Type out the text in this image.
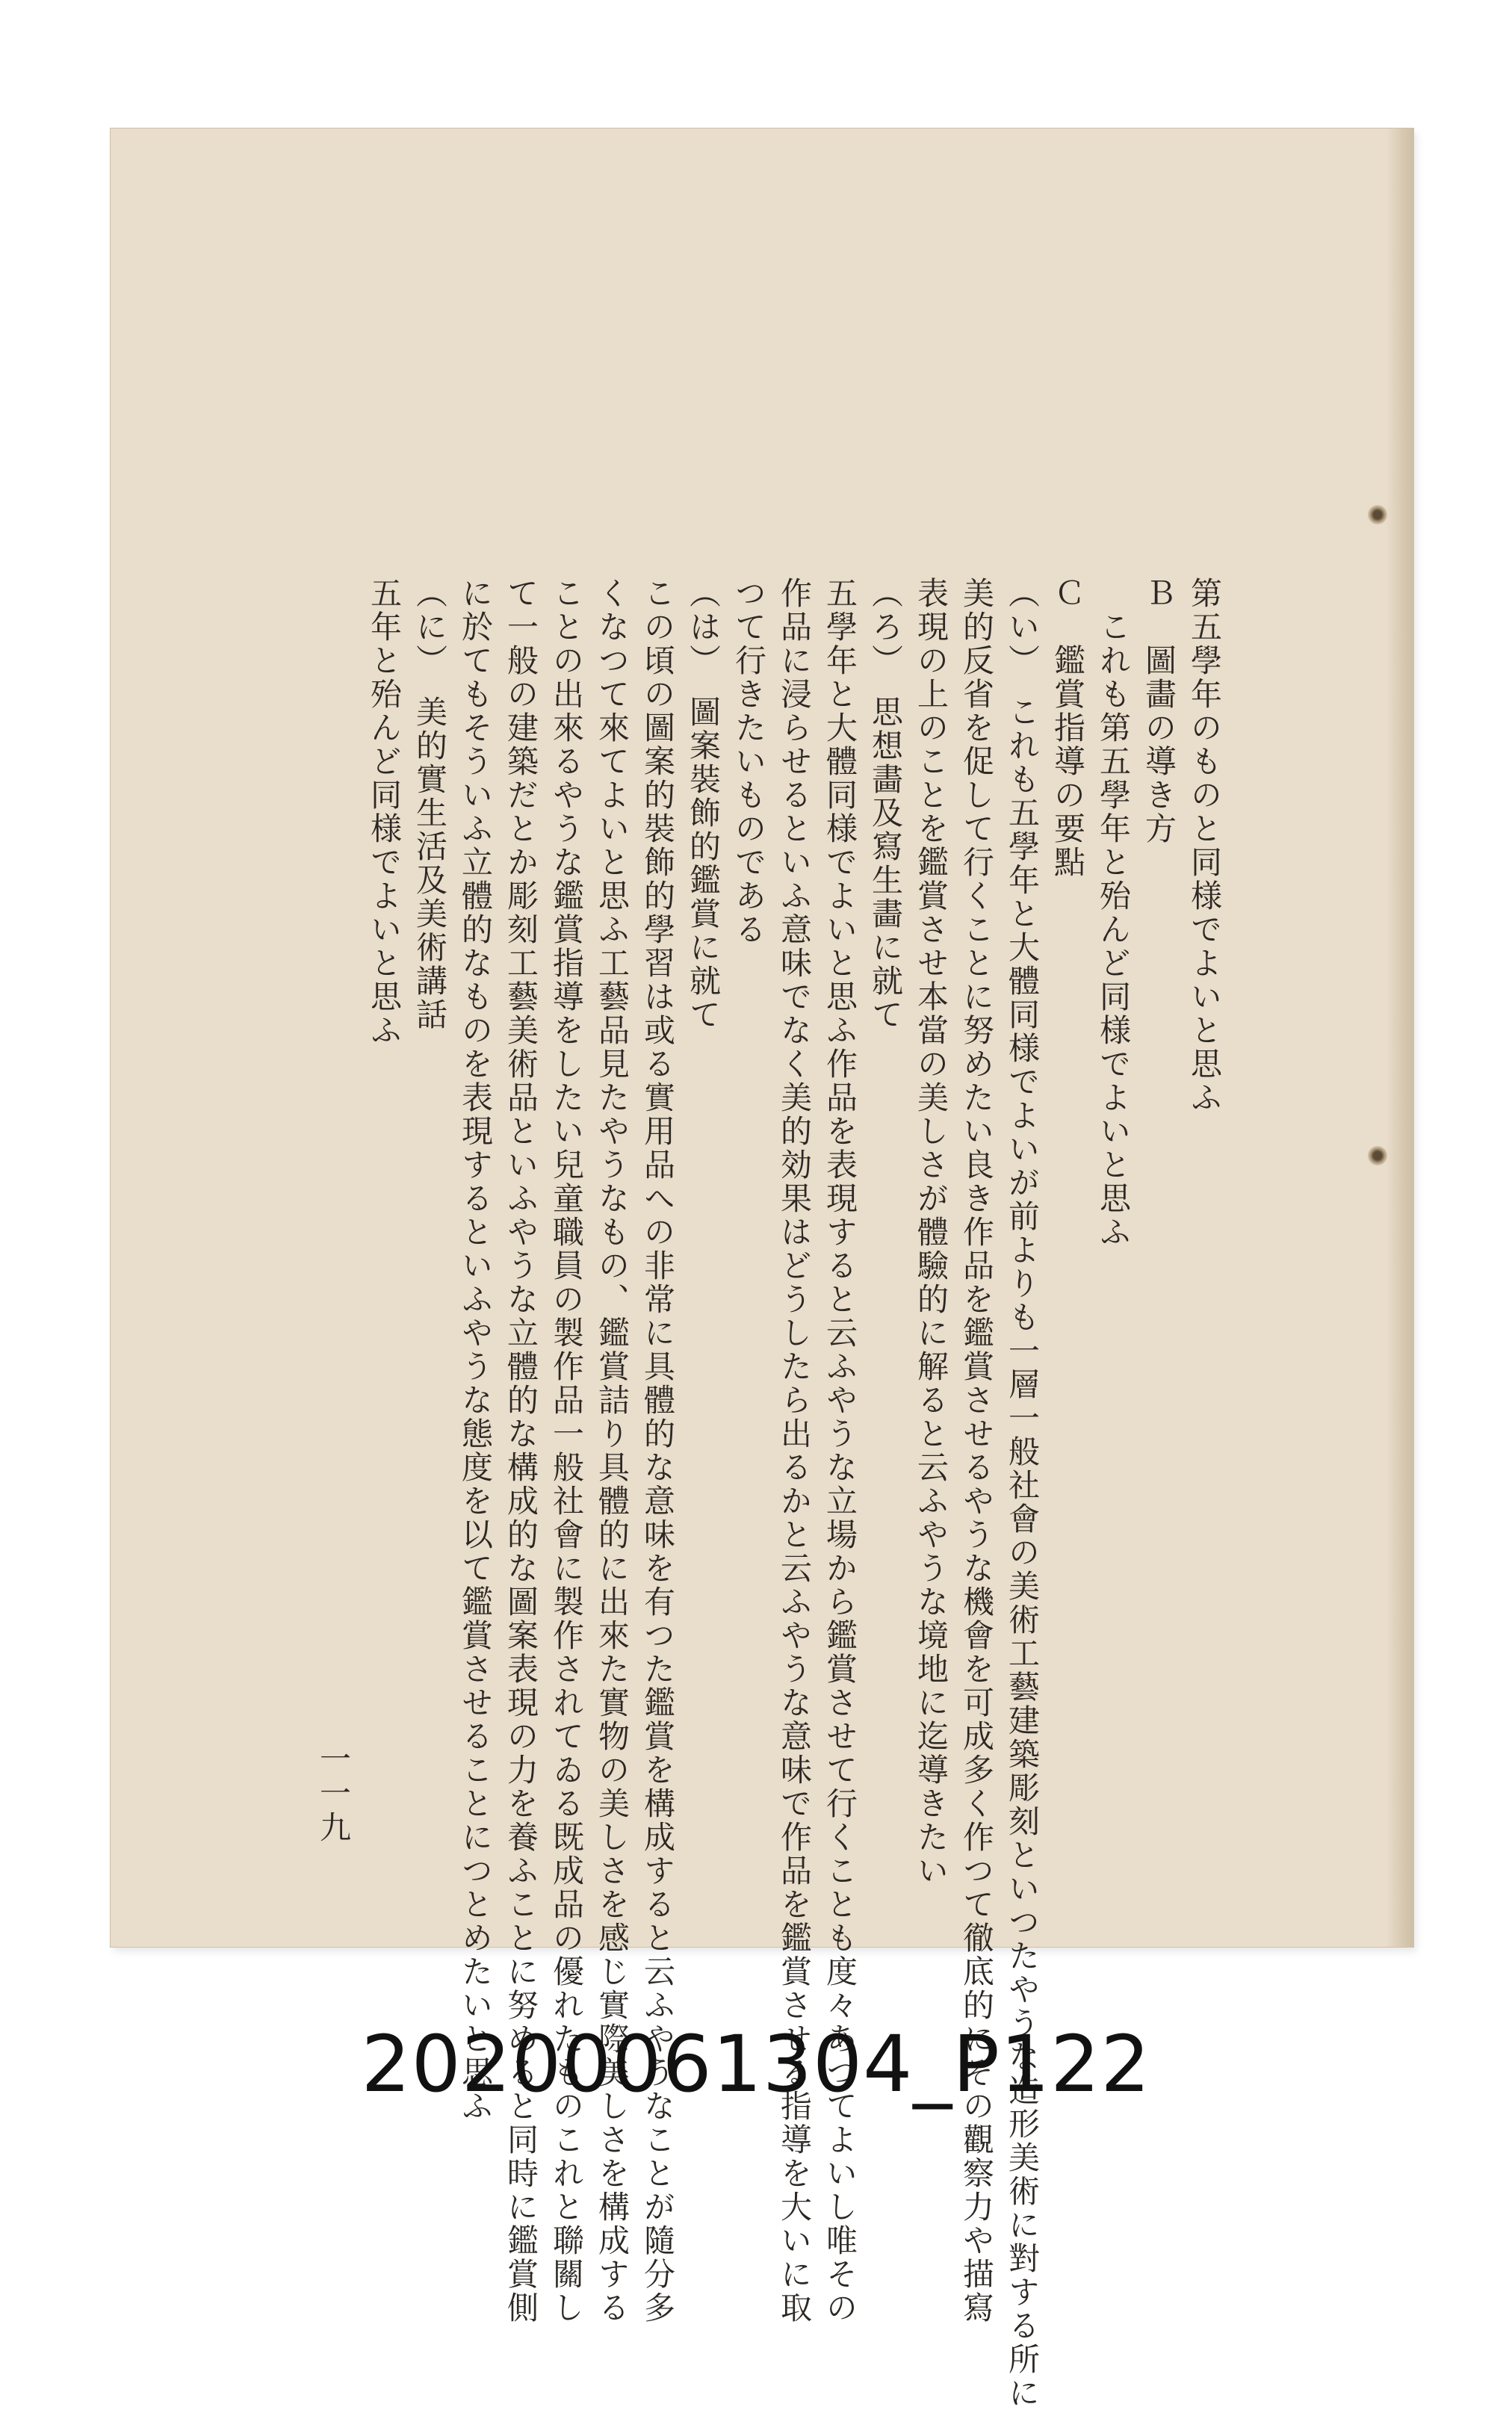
第五學年のものと同様でよいと思ふ

Ｂ　圖畵の導き方

　これも第五學年と殆んど同様でよいと思ふ

Ｃ　鑑賞指導の要點

（い）　これも五學年と大體同様でよいが前よりも一層一般社會の美術工藝建築彫刻といつたやうな造形美術に對する所に

美的反省を促して行くことに努めたい良き作品を鑑賞させるやうな機會を可成多く作つて徹底的にその觀察力や描寫

表現の上のことを鑑賞させ本當の美しさが體驗的に解ると云ふやうな境地に迄導きたい

（ろ）　思想畵及寫生畵に就て

五學年と大體同様でよいと思ふ作品を表現すると云ふやうな立場から鑑賞させて行くことも度々あつてよいし唯その

作品に浸らせるといふ意味でなく美的効果はどうしたら出るかと云ふやうな意味で作品を鑑賞させる指導を大いに取

つて行きたいものである

（は）　圖案裝飾的鑑賞に就て

この頃の圖案的裝飾的學習は或る實用品への非常に具體的な意味を有つた鑑賞を構成すると云ふやうなことが隨分多

くなつて來てよいと思ふ工藝品見たやうなもの、鑑賞詰り具體的に出來た實物の美しさを感じ實際美しさを構成する

ことの出來るやうな鑑賞指導をしたい兒童職員の製作品一般社會に製作されてゐる既成品の優れたものこれと聯關し

て一般の建築だとか彫刻工藝美術品といふやうな立體的な構成的な圖案表現の力を養ふことに努めると同時に鑑賞側

に於てもそういふ立體的なものを表現するといふやうな態度を以て鑑賞させることにつとめたいと思ふ

（に）　美的實生活及美術講話

五年と殆んど同様でよいと思ふ

一一九
20200061304_P122
